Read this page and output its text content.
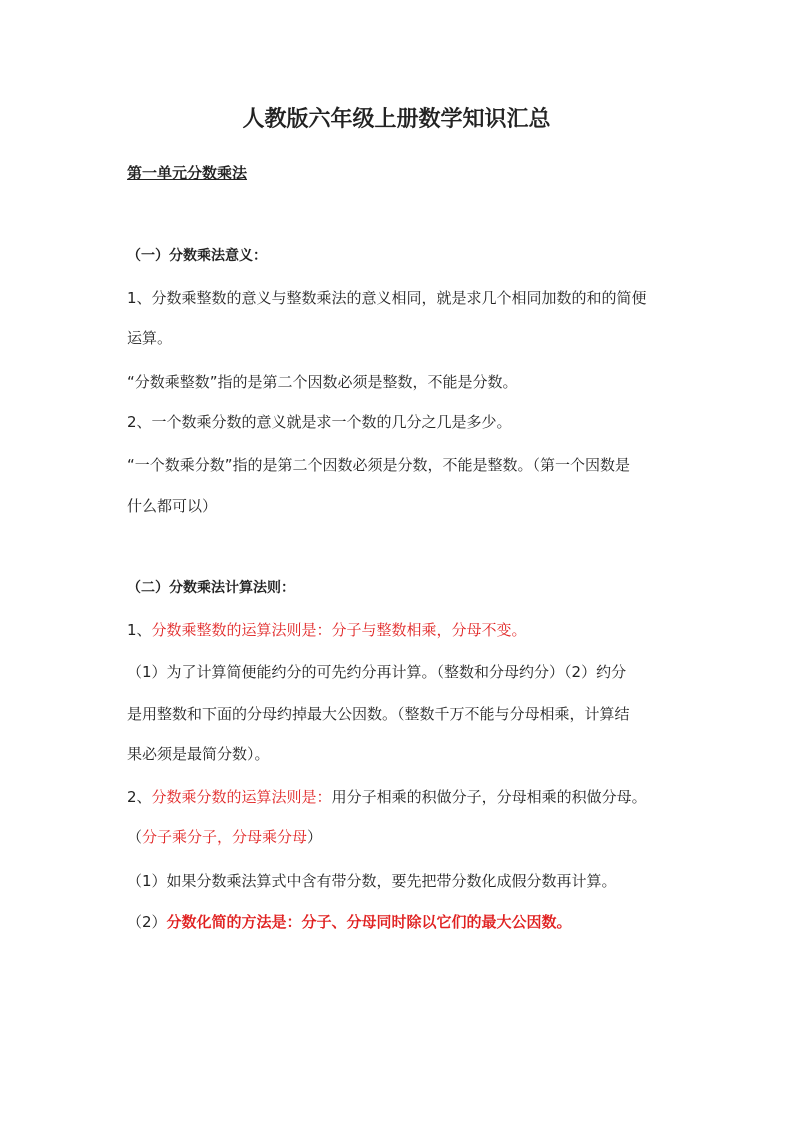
人教版六年级上册数学知识汇总
第一单元分数乘法
（一）分数乘法意义：
1、分数乘整数的意义与整数乘法的意义相同，就是求几个相同加数的和的简便
运算。
“分数乘整数”指的是第二个因数必须是整数，不能是分数。
2、一个数乘分数的意义就是求一个数的几分之几是多少。
“一个数乘分数”指的是第二个因数必须是分数，不能是整数。（第一个因数是
什么都可以）
（二）分数乘法计算法则：
1、分数乘整数的运算法则是：分子与整数相乘，分母不变。
（1）为了计算简便能约分的可先约分再计算。（整数和分母约分）（2）约分
是用整数和下面的分母约掉最大公因数。（整数千万不能与分母相乘，计算结
果必须是最简分数）。
2、分数乘分数的运算法则是：用分子相乘的积做分子，分母相乘的积做分母。
（分子乘分子，分母乘分母）
（1）如果分数乘法算式中含有带分数，要先把带分数化成假分数再计算。
（2）分数化简的方法是：分子、分母同时除以它们的最大公因数。
